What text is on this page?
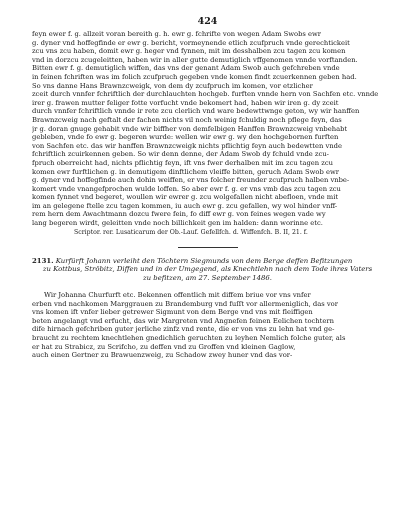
424

feyn ewer f. g. allzeit voran bereith g. h. ewr g. fchrifte von wegen Adam Swobs ewr
g. dyner vnd hoffegfinde er ewr g. bericht, vormeynende etlich zcufpruch vnde gerechtickeit
zcu vns zcu haben, domit ewr g. heger vnd fynnen, mit im desshalben zcu tagen zcu komen
vnd in dorzcu zcugeleitten, haben wir in aller gutte demutiglich vffgenomen vnnde vorftanden.
Bitten ewr f. g. demutiglich wiffen, das vns der genant Adam Swob auch gefchreben vnde
in feinen fchriften was im folich zcufpruch gegeben vnde komen findt zcuerkennen geben had.
So vns danne Hans Brawnzcweigk, von dem dy zcufpruch im komen, vor etzlicher
zceit durch vnnfer fchriftlich der durchlauchten hochgeb. furften vnnde hern von Sachfen etc. vnnde
irer g. frawen mutter feliger fotte vorfucht vnde bekomert had, haben wir iren g. dy zceit
durch vnnfer fchriftlich vnnde ir rete zcu clerlich vnd ware bedewttwnge geton, wy wir hanffen
Brawnzcweig nach geftalt der fachen nichts vil noch weinig fchuldig noch pflege feyn, das
jr g. doran gnuge gehabit vnde wir biffher von demfelbigen Hanffen Brawnzcweig vnbehabt
gebleben, vnde fo ewr g. begeren wurde: wellen wir ewr g. wy den hochgebornen furften
von Sachfen etc. das wir hanffen Brawnzcweigk nichts pflichtig feyn auch bedewtten vnde
fchriftlich zcuirkennen geben. So wir denn denne, der Adam Swob dy fchuld vnde zcu-
fpruch oberreicht had, nichts pflichtig feyn, ift vns fwer derhalben mit im zcu tagen zcu
komen ewr furftlichen g. in demutigem dinftlichem vleiffe bitten, geruch Adam Swob ewr
g. dyner vnd hoffegfinde auch dohin weiffen, er vns folcher freunder zcufpruch halben vnbe-
komert vnde vnangefprochen wulde loffen. So aber ewr f. g. er vns vmb das zcu tagen zcu
komen fynnet vnd begeret, woullen wir ewrer g. zcu wolgefallen nicht abefloen, vnde mit
im an gelegene ftelle zcu tagen kommen, iu auch ewr g. zcu gefallen, wy wol hinder vnff-
rem hern dem Awachtmann dozcu fwere fein, fo diff ewr g. von feines wegen vade wy
lang begeren wirdt, geleitten vnde noch billichkeit gen im halden: dann worinne etc.

Scriptor. rer. Lusaticarum der Ob.-Lauf. Gefellfch. d. Wiffenfch. B. II, 21. f.
2131. Kurfürft Johann verleiht den Töchtern Siegmunds von dem Berge deffen Befitzungen
zu Kottbus, Ströbitz, Diffen und in der Umgegend, als Knechtlehn nach dem Tode ihres Vaters
zu befitzen, am 27. September 1486.

Wir Johanna Churfurft etc. Bekennen offentlich mit diffem briue vor vns vnfer
erben vnd nachkomen Marggrauen zu Brandemburg vnd fuſſt vor allermeniglich, das vor
vns komen ift vnfer lieber getrewer Sigmunt von dem Berge vnd vns mit fleiffigen
beten angelangt vnd erfucht, das wir Margreten vnd Angnefen feinen Eelichen tochtern
dife hirnach gefchriben guter jerliche zinfz vnd rente, die er von vns zu lehn hat vnd ge-
braucht zu rechtem knechtlehen gnedichlich geruchten zu leyhen Nemlich folche guter, als
er hat zu Strabicz, zu Scrifcho, zu deffen vnd zu Groffen vnd kleinen Gaglow,
auch einen Gertner zu Brawuenzweig, zu Schadow zwey huner vnd das vor-
